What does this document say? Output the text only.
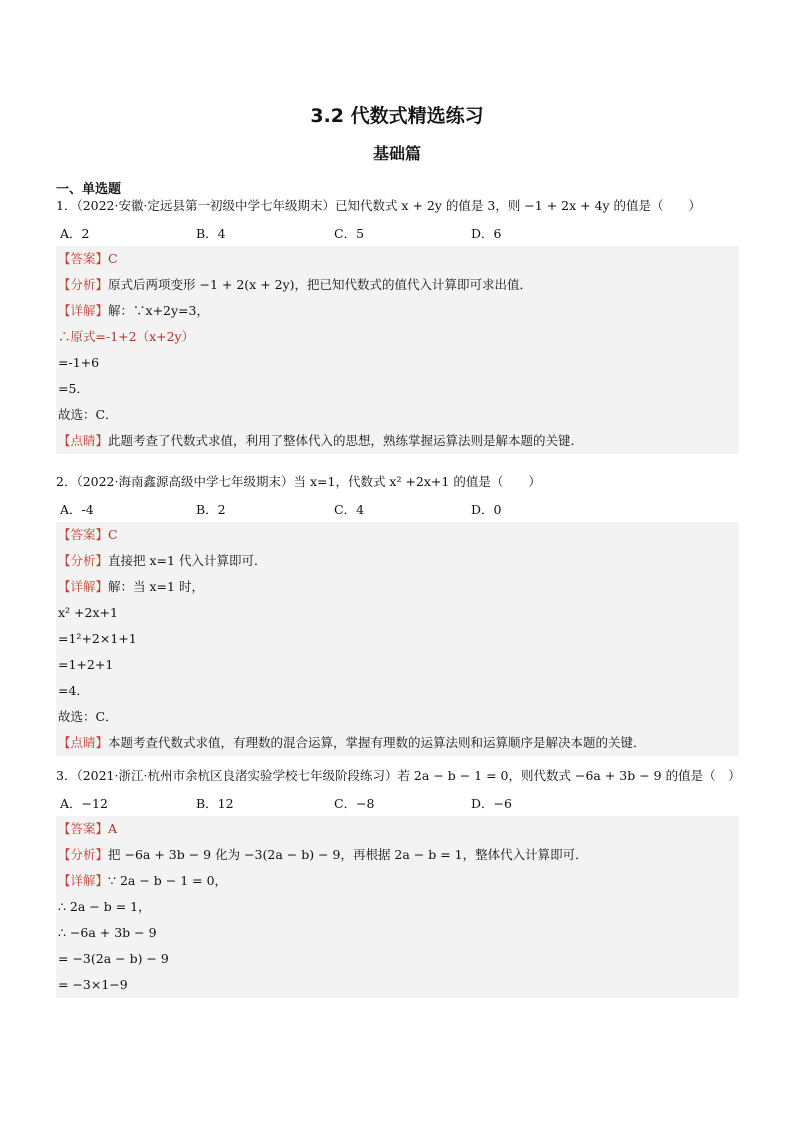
3.2 代数式精选练习
基础篇
一、单选题
1．（2022·安徽·定远县第一初级中学七年级期末）已知代数式 x + 2y 的值是 3，则 −1 + 2x + 4y 的值是（　　）
A．2	B．4	C．5	D．6
【答案】C
【分析】原式后两项变形 −1 + 2(x + 2y)，把已知代数式的值代入计算即可求出值．
【详解】解：∵x+2y=3，
∴原式=-1+2（x+2y）
=-1+6
=5．
故选：C．
【点睛】此题考查了代数式求值，利用了整体代入的思想，熟练掌握运算法则是解本题的关键．
2．（2022·海南鑫源高级中学七年级期末）当 x=1，代数式 x² +2x+1 的值是（　　）
A．-4	B．2	C．4	D．0
【答案】C
【分析】直接把 x=1 代入计算即可．
【详解】解：当 x=1 时，
x² +2x+1
=1²+2×1+1
=1+2+1
=4．
故选：C．
【点睛】本题考查代数式求值，有理数的混合运算，掌握有理数的运算法则和运算顺序是解决本题的关键．
3．（2021·浙江·杭州市余杭区良渚实验学校七年级阶段练习）若 2a − b − 1 = 0，则代数式 −6a + 3b − 9 的值是（　）
A．−12	B．12	C．−8	D．−6
【答案】A
【分析】把 −6a + 3b − 9 化为 −3(2a − b) − 9，再根据 2a − b = 1，整体代入计算即可．
【详解】∵ 2a − b − 1 = 0，
∴ 2a − b = 1，
∴ −6a + 3b − 9
= −3(2a − b) − 9
= −3×1−9
